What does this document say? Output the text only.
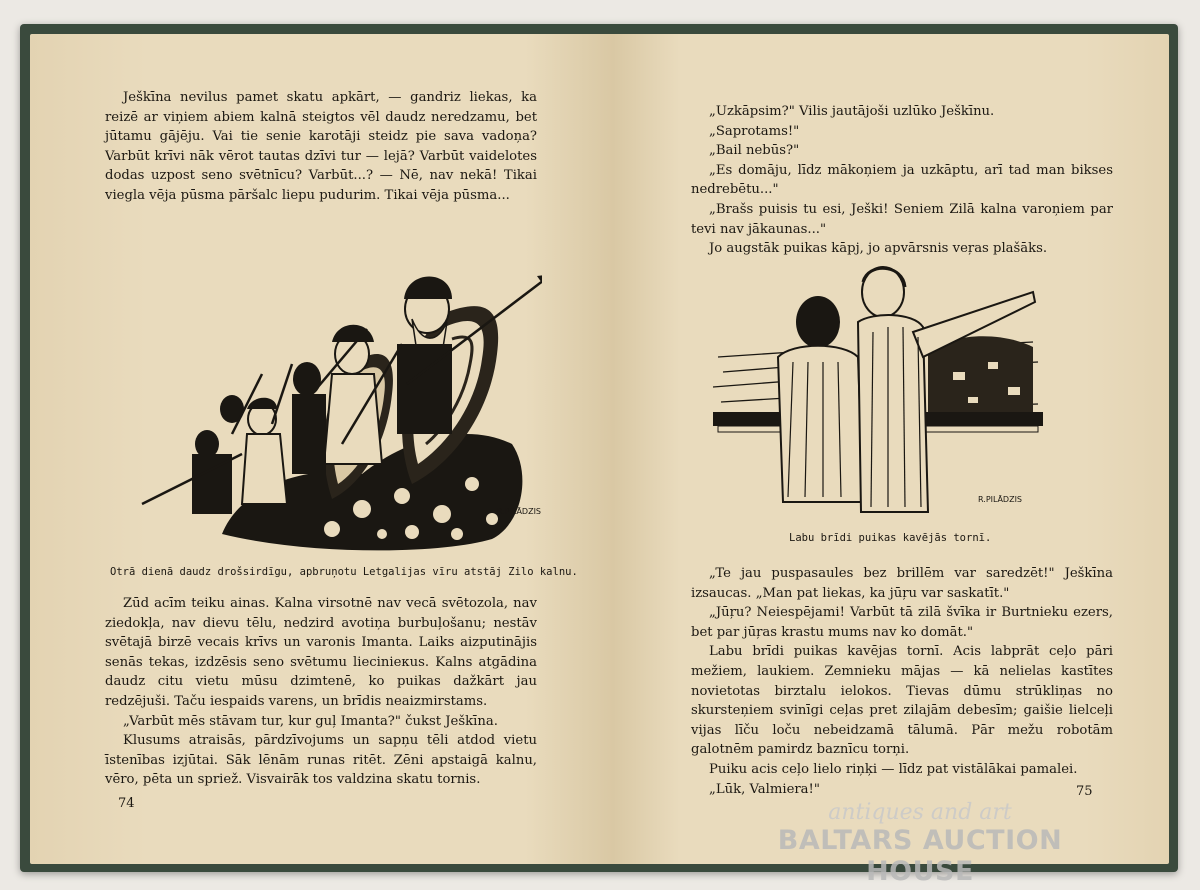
Ješkīna nevilus pamet skatu apkārt, — gandriz liekas, ka reizē ar viņiem abiem kalnā steigtos vēl daudz neredzamu, bet jūtamu gājēju. Vai tie senie karotāji steidz pie sava vadoņa? Varbūt krīvi nāk vērot tautas dzīvi tur — lejā? Varbūt vaidelotes dodas uzpost seno svētnīcu? Varbūt...? — Nē, nav nekā! Tikai viegla vēja pūsma pāršalc liepu pudurim. Tikai vēja pūsma...

R.PILĀDZIS
Otrā dienā daudz drošsirdīgu, apbruņotu Letgalijas vīru atstāj Zilo kalnu.

Zūd acīm teiku ainas. Kalna virsotnē nav vecā svētozola, nav ziedokļa, nav dievu tēlu, nedzird avotiņa burbuļošanu; nestāv svētajā birzē vecais krīvs un varonis Imanta. Laiks aizputinājis senās tekas, izdzēsis seno svētumu liecinieкus. Kalns atgādina daudz citu vietu mūsu dzimtenē, ko puikas dažkārt jau redzējuši. Taču iespaids varens, un brīdis neaizmirstams.

„Varbūt mēs stāvam tur, kur guļ Imanta?" čukst Ješkīna.

Klusums atraisās, pārdzīvojums un sapņu tēli atdod vietu īstenības izjūtai. Sāk lēnām runas ritēt. Zēni apstaigā kalnu, vēro, pēta un spriež. Visvairāk tos valdzina skatu tornis.

74

„Uzkāpsim?" Vilis jautājoši uzlūko Ješkīnu.

„Saprotams!"

„Bail nebūs?"

„Es domāju, līdz mākoņiem ja uzkāptu, arī tad man bikses nedrebētu..."

„Brašs puisis tu esi, Ješki! Seniem Zilā kalna varoņiem par tevi nav jākaunas..."

Jo augstāk puikas kāpj, jo apvārsnis veŗas plašāks.

R.PILĀDZIS
Labu brīdi puikas kavējās tornī.

„Te jau puspasaules bez brillēm var saredzēt!" Ješkīna izsaucas. „Man pat liekas, ka jūŗu var saskatīt."

„Jūŗu? Neiespējami! Varbūt tā zilā švīka ir Burtnieku ezers, bet par jūŗas krastu mums nav ko domāt."

Labu brīdi puikas kavējas tornī. Acis labprāt ceļo pāri mežiem, laukiem. Zemnieku mājas — kā nelielas kastītes novietotas birztalu ielokos. Tievas dūmu strūkliņas no skursteņiem svinīgi ceļas pret zilajām debesīm; gaišie lielceļi vijas līču loču nebeidzamā tālumā. Pār mežu robotām galotnēm pamirdz baznīcu torņi.

Puiku acis ceļo lielo riņķi — līdz pat vistālākai pamalei.

„Lūk, Valmiera!"	75
antiques and art
BALTARS AUCTION HOUSE
